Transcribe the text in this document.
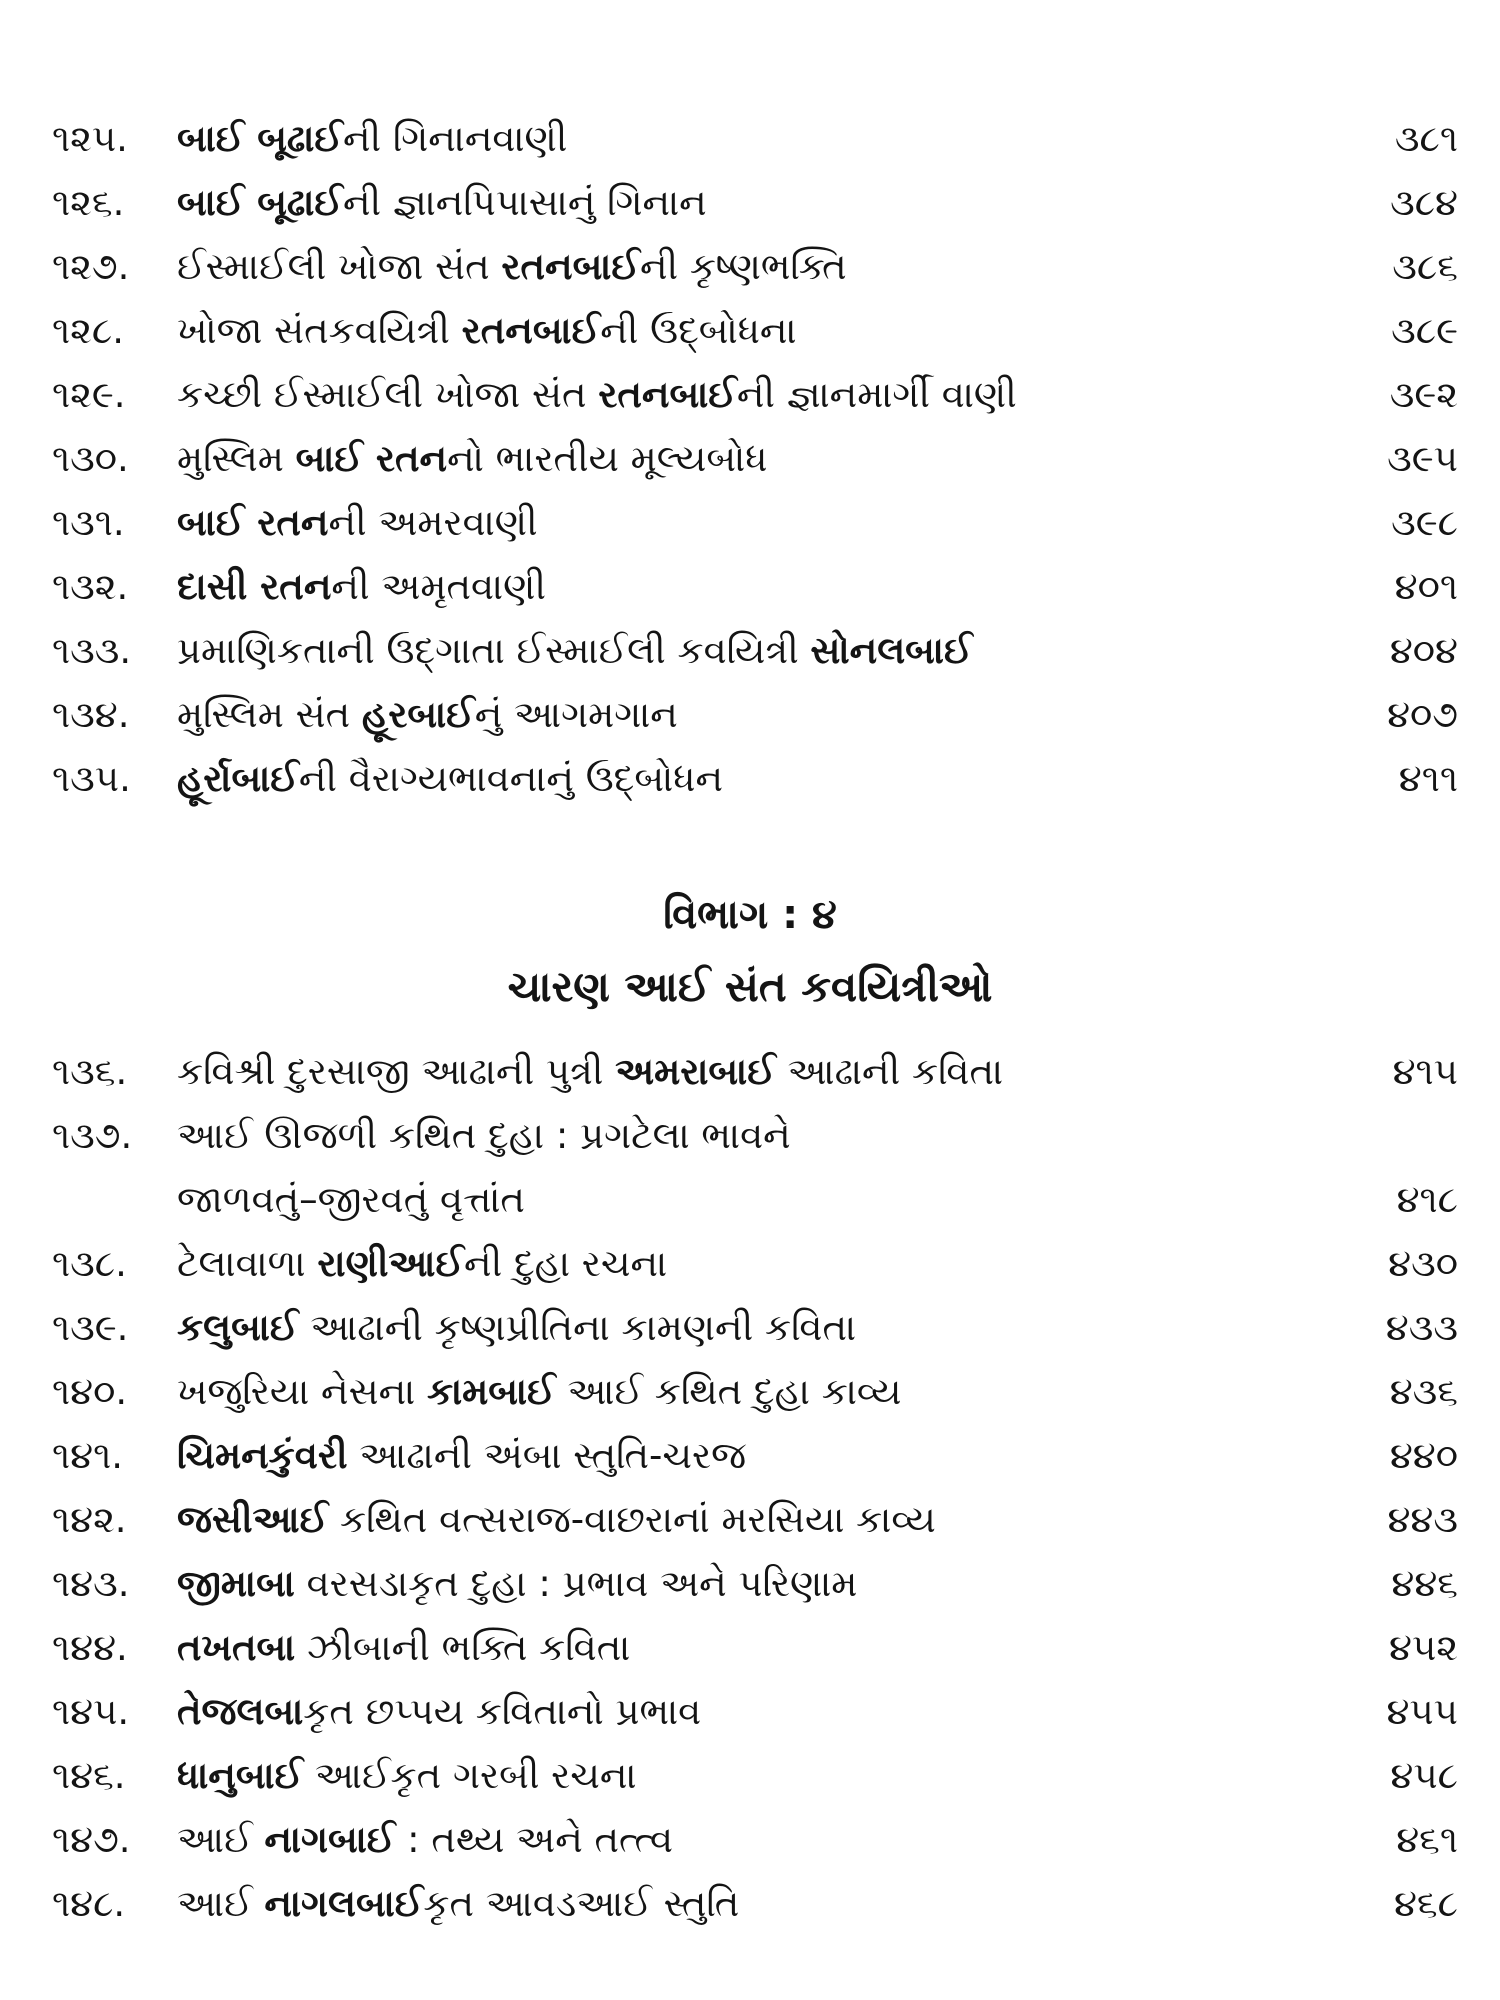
૧૨૫. બાઈ બૂઢાઈની ગિનાનવાણી	૩૮૧
૧૨૬. બાઈ બૂઢાઈની જ્ઞાનપિપાસાનું ગિનાન	૩૮૪
૧૨૭. ઈસ્માઈલી ખોજા સંત રતનબાઈની કૃષ્ણભક્તિ	૩૮૬
૧૨૮. ખોજા સંતકવયિત્રી રતનબાઈની ઉદ્બોધના	૩૮૯
૧૨૯. કચ્છી ઈસ્માઈલી ખોજા સંત રતનબાઈની જ્ઞાનમાર્ગી વાણી	૩૯૨
૧૩૦. મુસ્લિમ બાઈ રતનનો ભારતીય મૂલ્યબોધ	૩૯૫
૧૩૧. બાઈ રતનની અમરવાણી	૩૯૮
૧૩૨. દાસી રતનની અમૃતવાણી	૪૦૧
૧૩૩. પ્રમાણિકતાની ઉદ્ગાતા ઈસ્માઈલી કવયિત્રી સોનલબાઈ	૪૦૪
૧૩૪. મુસ્લિમ સંત હૂરબાઈનું આગમગાન	૪૦૭
૧૩૫. હૂર્રાબાઈની વૈરાગ્યભાવનાનું ઉદ્બોધન	૪૧૧
વિભાગ : ૪
ચારણ આઈ સંત કવયિત્રીઓ
૧૩૬. કવિશ્રી દુરસાજી આઢાની પુત્રી અમરાબાઈ આઢાની કવિતા	૪૧૫
૧૩૭. આઈ ઊજળી કથિત દુહા : પ્રગટેલા ભાવને
જાળવતું–જીરવતું વૃત્તાંત	૪૧૮
૧૩૮. ટેલાવાળા રાણીઆઈની દુહા રચના	૪૩૦
૧૩૯. કલુબાઈ આઢાની કૃષ્ણપ્રીતિના કામણની કવિતા	૪૩૩
૧૪૦. ખજુરિયા નેસના કામબાઈ આઈ કથિત દુહા કાવ્ય	૪૩૬
૧૪૧. ચિમનકુંવરી આઢાની અંબા સ્તુતિ-ચરજ	૪૪૦
૧૪૨. જસીઆઈ કથિત વત્સરાજ-વાછરાનાં મરસિયા કાવ્ય	૪૪૩
૧૪૩. જીમાબા વરસડાકૃત દુહા : પ્રભાવ અને પરિણામ	૪૪૬
૧૪૪. તખતબા ઝીબાની ભક્તિ કવિતા	૪૫૨
૧૪૫. તેજલબાકૃત છપ્પય કવિતાનો પ્રભાવ	૪૫૫
૧૪૬. ધાનુબાઈ આઈકૃત ગરબી રચના	૪૫૮
૧૪૭. આઈ નાગબાઈ : તથ્ય અને તત્ત્વ	૪૬૧
૧૪૮. આઈ નાગલબાઈકૃત આવડઆઈ સ્તુતિ	૪૬૮
